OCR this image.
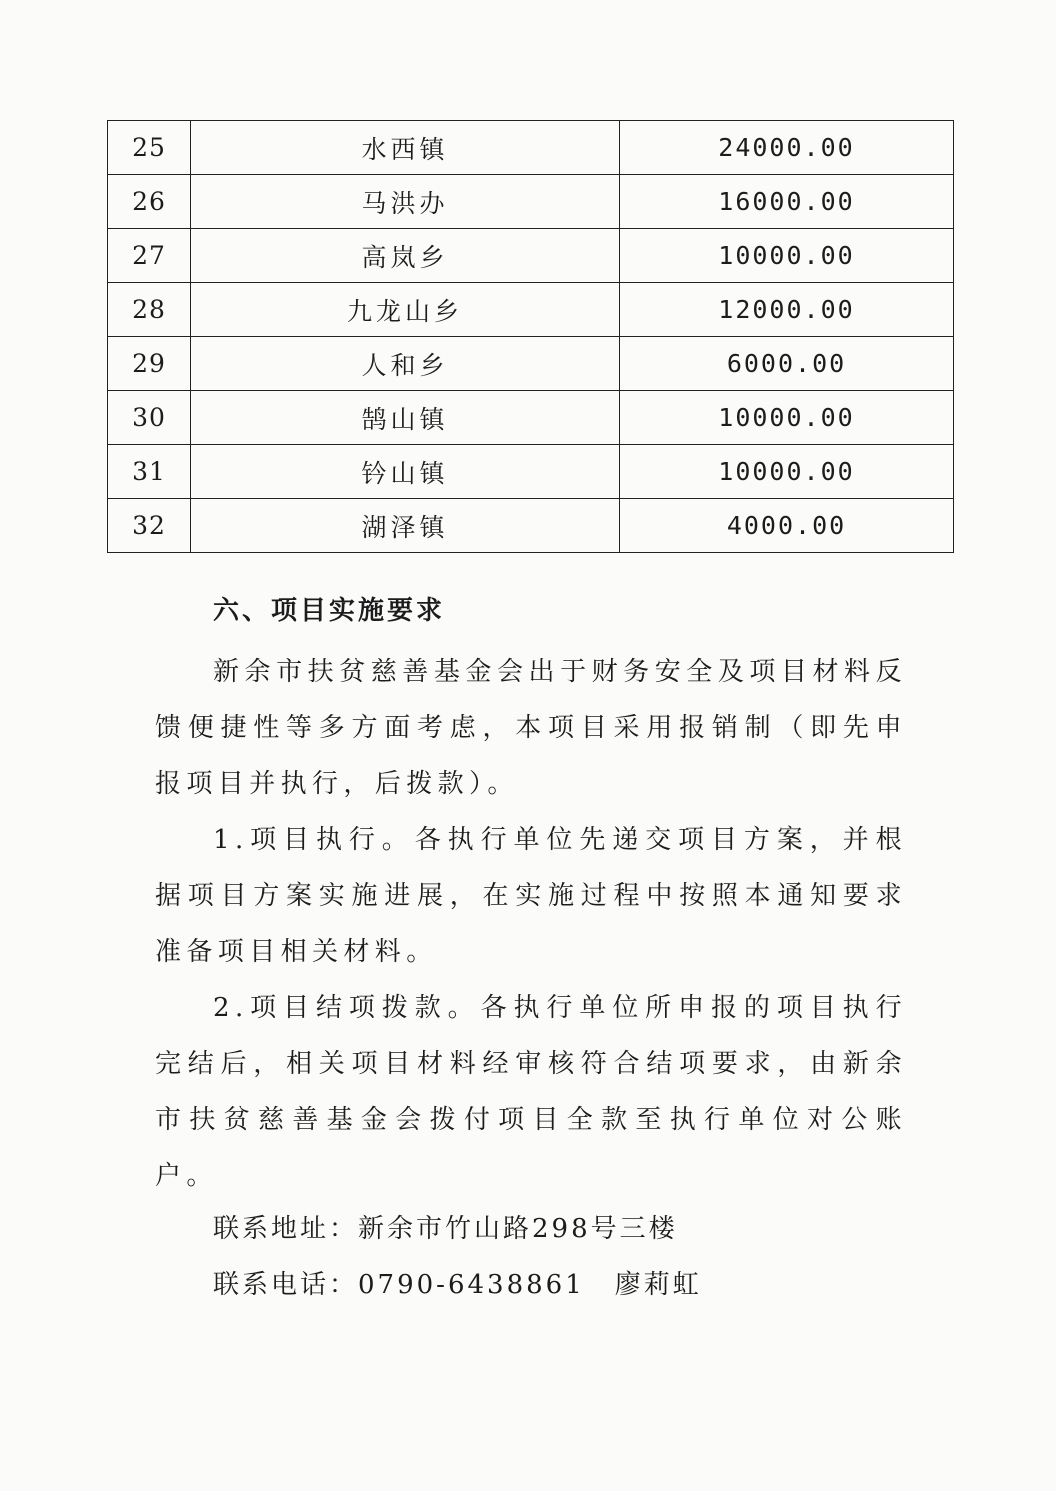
25	水西镇	24000.00
26	马洪办	16000.00
27	高岚乡	10000.00
28	九龙山乡	12000.00
29	人和乡	6000.00
30	鹄山镇	10000.00
31	钤山镇	10000.00
32	湖泽镇	4000.00
六、项目实施要求

新余市扶贫慈善基金会出于财务安全及项目材料反馈便捷性等多方面考虑，本项目采用报销制（即先申报项目并执行，后拨款）。

1.项目执行。各执行单位先递交项目方案，并根据项目方案实施进展，在实施过程中按照本通知要求准备项目相关材料。

2.项目结项拨款。各执行单位所申报的项目执行完结后，相关项目材料经审核符合结项要求，由新余市扶贫慈善基金会拨付项目全款至执行单位对公账户。

联系地址：新余市竹山路298号三楼
联系电话：0790-6438861 廖莉虹
